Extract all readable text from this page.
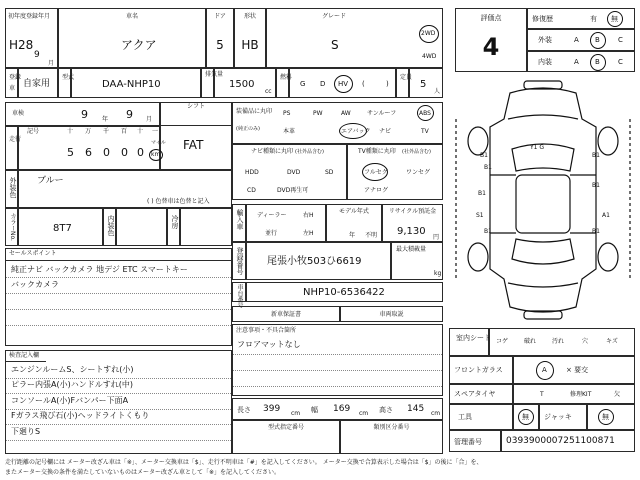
初年度登録年月
H28
9
月
車名
アクア
ドア
5
形状
HB
グレード
S
2WD
4WD
登録
車 自家用
型式
DAA-NHP10
排気量
1500
cc
燃料
G D HV (	)
定員
5
人
車検	9 年 9 月
シフト
FAT
走行
記号	十 万 千 百 十 一
5 6 0 0 0
マイル
km
外装色 ブルー
( ) 色替車は色替と記入
カラーNo.	8T7	内装色	冷房
セールスポイント
純正ナビ バックカメラ 地デジ ETC スマートキー
バックカメラ
検査記入欄
エンジンルームS、シートすれ(小)
ピラー内張A(小)ハンドルすれ(中)
コンソールA(小)Fバンパー下面A
Fガラス飛び石(小)ヘッドライトくもり
下廻りS
装備品に丸印
(純正のみ)
PS	PW	AW	サンルーフ	ABS
本革	エアバック ナビ	TV
ナビ種類に丸印 (社外品含む)
HDD	DVD	SD
CD	DVD再生可
TV種類に丸印 (社外品含む)
フルセグ	ワンセグ
アナログ
輸入車 ディーラー
並行
右H
左H
モデル年式
年 不明
リサイクル預託金
9,130
円
登録番号 尾張小牧503ひ6619
最大積載量
kg
車台番号	NHP10-6536422
新車保証書	車両取説
注意事項・不具合箇所
フロアマットなし
長さ 399 cm 幅 169 cm 高さ 145 cm
型式指定番号	類別区分番号
評価点
4
修復歴	有 無
外装	A B	C
内装	A B	C
B1
B1
B1
B1
B1
B1	B1
S1	A1
Y1 G
室内シート コゲ	破れ	汚れ	穴	キズ
フロントガラス	A	× 要交
スペアタイヤ	T	修理KIT	欠
工具	無 ジャッキ	無
管理番号	0393900007251100871
走行距離の記号欄には メーター改ざん車は「※」、メーター交換車は「$」、走行不明車は「#」を記入してください。 メーター交換で合算表示した場合は「$」の後に「合」を、
またメーター交換の条件を満たしていないものはメーター改ざん車として「※」を記入してください。
